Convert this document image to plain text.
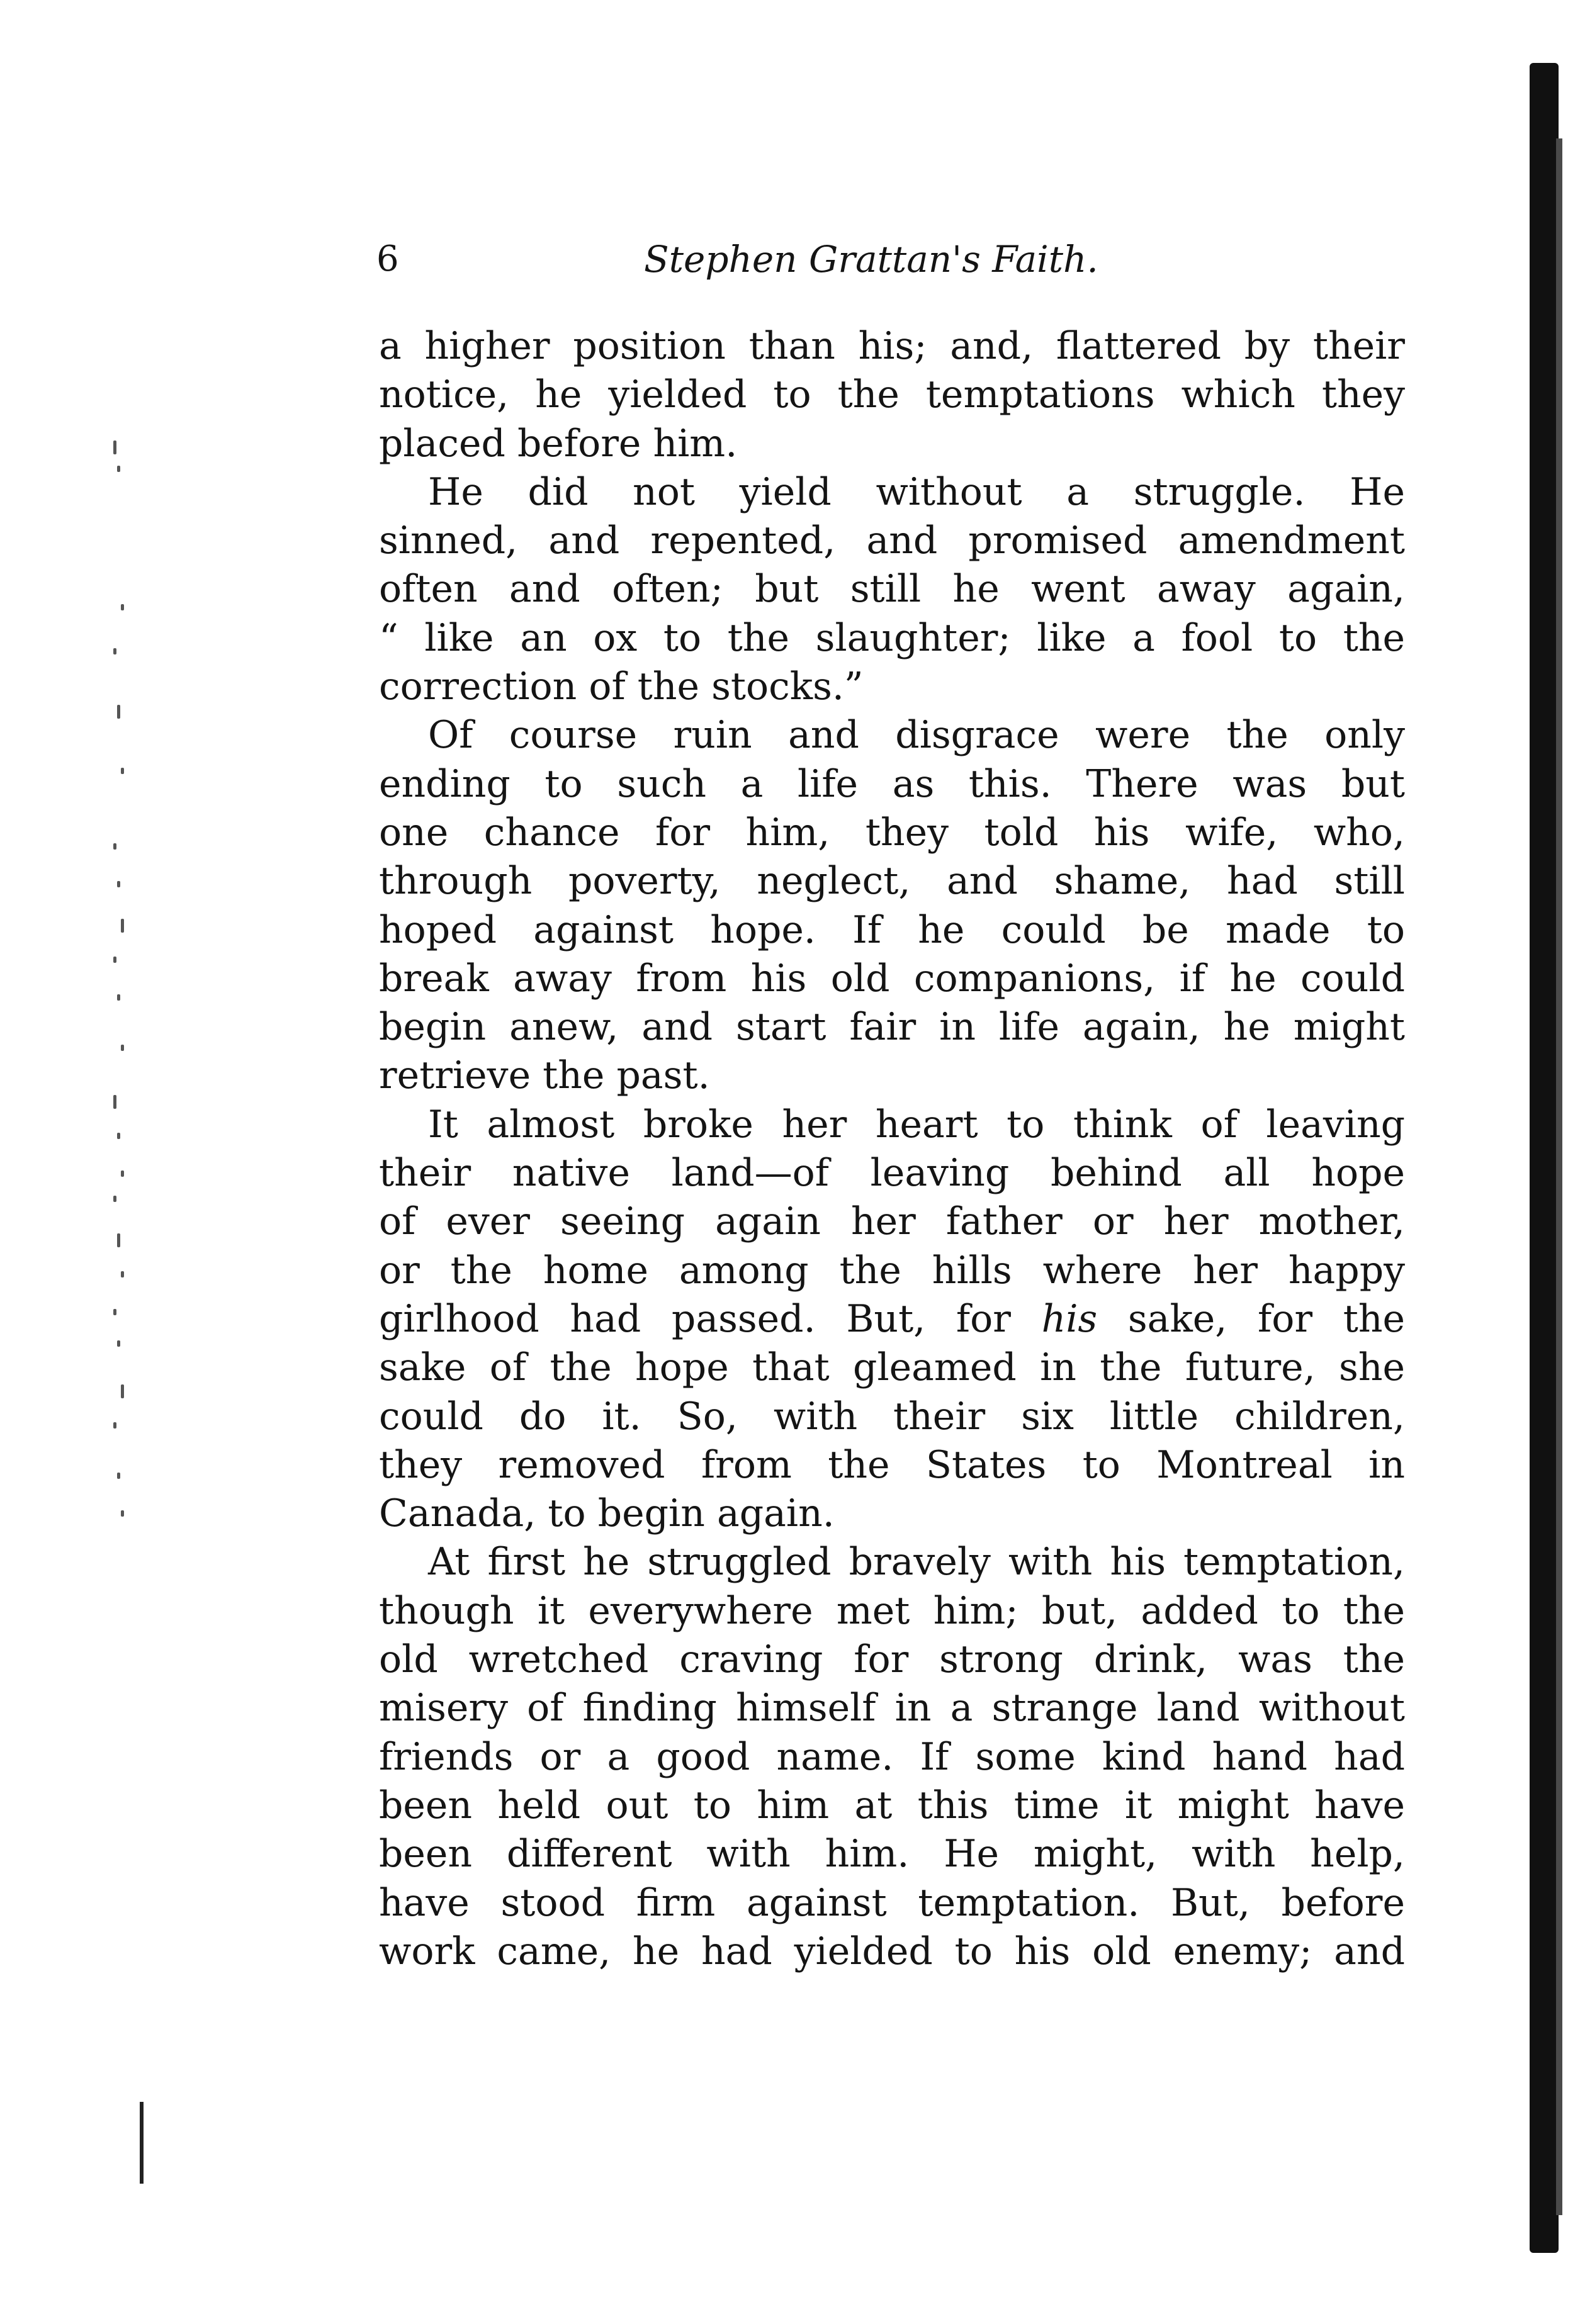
6	Stephen Grattan's Faith.
a higher position than his; and, flattered by their
notice, he yielded to the temptations which they
placed before him.
He did not yield without a struggle. He
sinned, and repented, and promised amendment
often and often; but still he went away again,
“ like an ox to the slaughter; like a fool to the
correction of the stocks.”
Of course ruin and disgrace were the only
ending to such a life as this. There was but
one chance for him, they told his wife, who,
through poverty, neglect, and shame, had still
hoped against hope. If he could be made to
break away from his old companions, if he could
begin anew, and start fair in life again, he might
retrieve the past.
It almost broke her heart to think of leaving
their native land—of leaving behind all hope
of ever seeing again her father or her mother,
or the home among the hills where her happy
girlhood had passed. But, for his sake, for the
sake of the hope that gleamed in the future, she
could do it. So, with their six little children,
they removed from the States to Montreal in
Canada, to begin again.
At first he struggled bravely with his temptation,
though it everywhere met him; but, added to the
old wretched craving for strong drink, was the
misery of finding himself in a strange land without
friends or a good name. If some kind hand had
been held out to him at this time it might have
been different with him. He might, with help,
have stood firm against temptation. But, before
work came, he had yielded to his old enemy; and
